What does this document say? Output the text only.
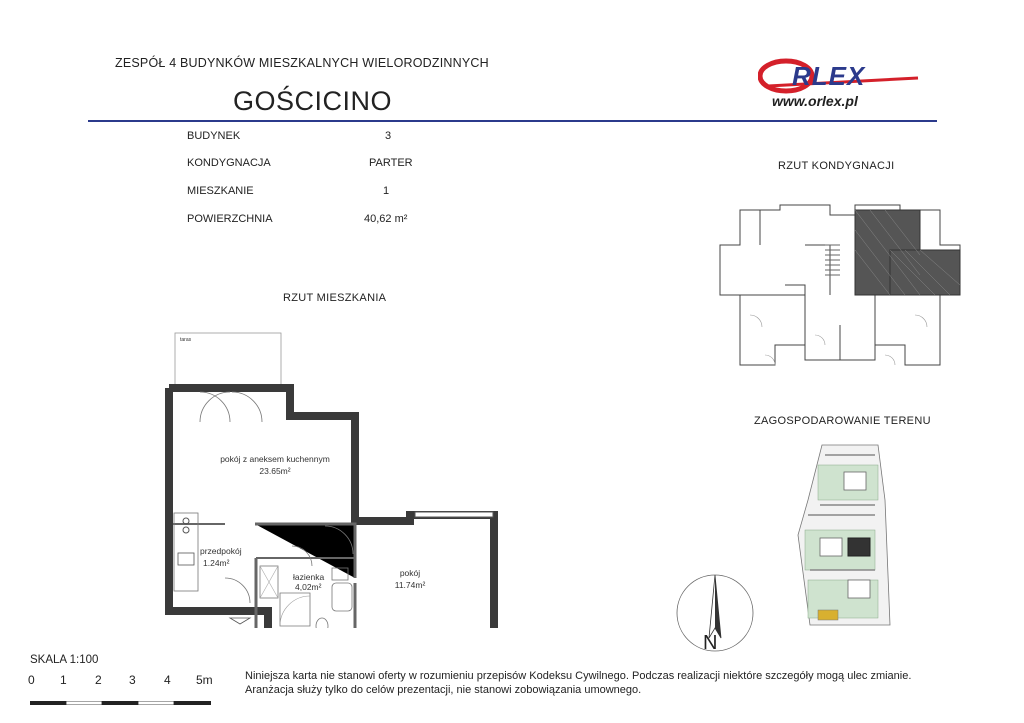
ZESPÓŁ 4 BUDYNKÓW MIESZKALNYCH WIELORODZINNYCH
GOŚCICINO
RLEX
www.orlex.pl
BUDYNEK	3
KONDYGNACJA	PARTER
MIESZKANIE	1
POWIERZCHNIA	40,62 m²
RZUT MIESZKANIA
RZUT KONDYGNACJI
ZAGOSPODAROWANIE TERENU
taras
pokój z aneksem kuchennym
23.65m²
przedpokój
1.24m²
łazienka
4,02m²
pokój
11.74m²
N
SKALA 1:100
0 1 2 3 4 5m	Niniejsza karta nie stanowi oferty w rozumieniu przepisów Kodeksu Cywilnego. Podczas realizacji niektóre szczegóły mogą ulec zmianie.
Aranżacja służy tylko do celów prezentacji, nie stanowi zobowiązania umownego.
